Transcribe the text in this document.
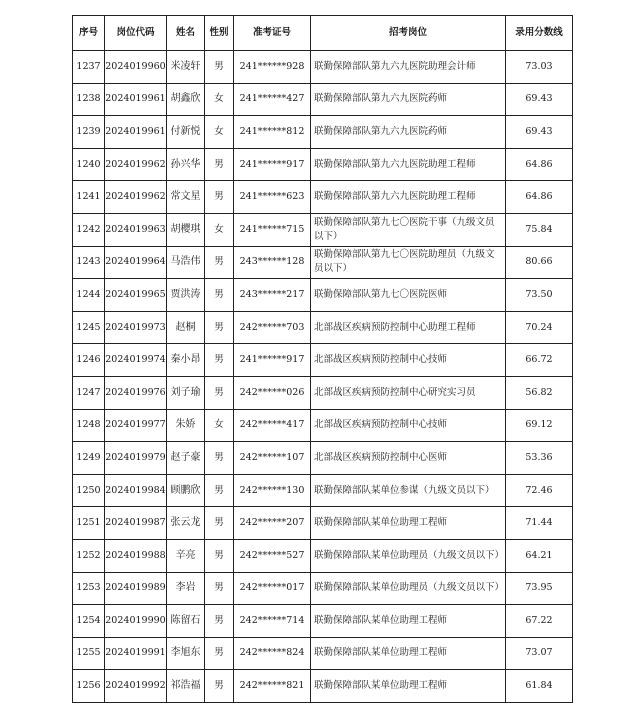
序号	岗位代码	姓名	性别	准考证号	招考岗位	录用分数线
1237	2024019960	米凌轩	男	241******928	联勤保障部队第九六九医院助理会计师	73.03
1238	2024019961	胡鑫欣	女	241******427	联勤保障部队第九六九医院药师	69.43
1239	2024019961	付新悦	女	241******812	联勤保障部队第九六九医院药师	69.43
1240	2024019962	孙兴华	男	241******917	联勤保障部队第九六九医院助理工程师	64.86
1241	2024019962	常文星	男	241******623	联勤保障部队第九六九医院助理工程师	64.86
1242	2024019963	胡樱琪	女	241******715	联勤保障部队第九七〇医院干事（九级文员以下）	75.84
1243	2024019964	马浩伟	男	243******128	联勤保障部队第九七〇医院助理员（九级文员以下）	80.66
1244	2024019965	贾洪涛	男	243******217	联勤保障部队第九七〇医院医师	73.50
1245	2024019973	赵桐	男	242******703	北部战区疾病预防控制中心助理工程师	70.24
1246	2024019974	秦小昂	男	241******917	北部战区疾病预防控制中心技师	66.72
1247	2024019976	刘子瑜	男	242******026	北部战区疾病预防控制中心研究实习员	56.82
1248	2024019977	朱娇	女	242******417	北部战区疾病预防控制中心技师	69.12
1249	2024019979	赵子豪	男	242******107	北部战区疾病预防控制中心医师	53.36
1250	2024019984	顾鹏欣	男	242******130	联勤保障部队某单位参谋（九级文员以下）	72.46
1251	2024019987	张云龙	男	242******207	联勤保障部队某单位助理工程师	71.44
1252	2024019988	辛亮	男	242******527	联勤保障部队某单位助理员（九级文员以下）	64.21
1253	2024019989	李岩	男	242******017	联勤保障部队某单位助理员（九级文员以下）	73.95
1254	2024019990	陈留石	男	242******714	联勤保障部队某单位助理工程师	67.22
1255	2024019991	李旭东	男	242******824	联勤保障部队某单位助理工程师	73.07
1256	2024019992	祁浩福	男	242******821	联勤保障部队某单位助理工程师	61.84
